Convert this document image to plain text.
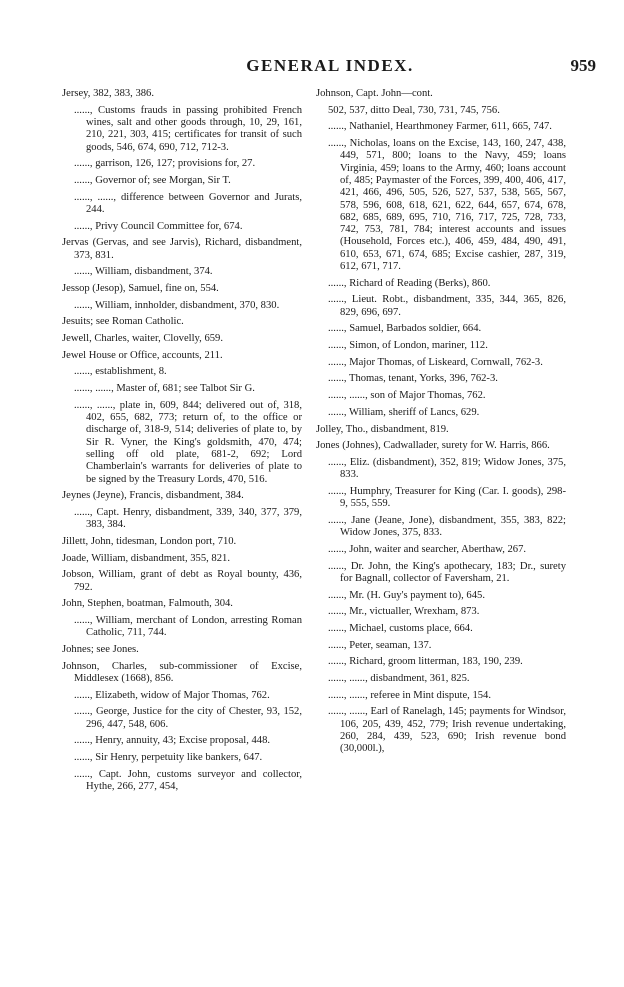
GENERAL INDEX.	959

Jersey, 382, 383, 386.

......, Customs frauds in passing prohibited French wines, salt and other goods through, 10, 29, 161, 210, 221, 303, 415; certificates for transit of such goods, 546, 674, 690, 712, 712-3.

......, garrison, 126, 127; provisions for, 27.

......, Governor of; see Morgan, Sir T.

......, ......, difference between Governor and Jurats, 244.

......, Privy Council Committee for, 674.

Jervas (Gervas, and see Jarvis), Richard, disbandment, 373, 831.

......, William, disbandment, 374.

Jessop (Jesop), Samuel, fine on, 554.

......, William, innholder, disbandment, 370, 830.

Jesuits; see Roman Catholic.

Jewell, Charles, waiter, Clovelly, 659.

Jewel House or Office, accounts, 211.

......, establishment, 8.

......, ......, Master of, 681; see Talbot Sir G.

......, ......, plate in, 609, 844; delivered out of, 318, 402, 655, 682, 773; return of, to the office or discharge of, 318-9, 514; deliveries of plate to, by Sir R. Vyner, the King's goldsmith, 470, 474; selling off old plate, 681-2, 692; Lord Chamberlain's warrants for deliveries of plate to be signed by the Treasury Lords, 470, 516.

Jeynes (Jeyne), Francis, disbandment, 384.

......, Capt. Henry, disbandment, 339, 340, 377, 379, 383, 384.

Jillett, John, tidesman, London port, 710.

Joade, William, disbandment, 355, 821.

Jobson, William, grant of debt as Royal bounty, 436, 792.

John, Stephen, boatman, Falmouth, 304.

......, William, merchant of London, arresting Roman Catholic, 711, 744.

Johnes; see Jones.

Johnson, Charles, sub-commissioner of Excise, Middlesex (1668), 856.

......, Elizabeth, widow of Major Thomas, 762.

......, George, Justice for the city of Chester, 93, 152, 296, 447, 548, 606.

......, Henry, annuity, 43; Excise proposal, 448.

......, Sir Henry, perpetuity like bankers, 647.

......, Capt. John, customs surveyor and collector, Hythe, 266, 277, 454,

Johnson, Capt. John—cont.

502, 537, ditto Deal, 730, 731, 745, 756.

......, Nathaniel, Hearthmoney Farmer, 611, 665, 747.

......, Nicholas, loans on the Excise, 143, 160, 247, 438, 449, 571, 800; loans to the Navy, 459; loans Virginia, 459; loans to the Army, 460; loans account of, 485; Paymaster of the Forces, 399, 400, 406, 417, 421, 466, 496, 505, 526, 527, 537, 538, 565, 567, 578, 596, 608, 618, 621, 622, 644, 657, 674, 678, 682, 685, 689, 695, 710, 716, 717, 725, 728, 733, 742, 753, 781, 784; interest accounts and issues (Household, Forces etc.), 406, 459, 484, 490, 491, 610, 653, 671, 674, 685; Excise cashier, 287, 319, 612, 671, 717.

......, Richard of Reading (Berks), 860.

......, Lieut. Robt., disbandment, 335, 344, 365, 826, 829, 696, 697.

......, Samuel, Barbados soldier, 664.

......, Simon, of London, mariner, 112.

......, Major Thomas, of Liskeard, Cornwall, 762-3.

......, Thomas, tenant, Yorks, 396, 762-3.

......, ......, son of Major Thomas, 762.

......, William, sheriff of Lancs, 629.

Jolley, Tho., disbandment, 819.

Jones (Johnes), Cadwallader, surety for W. Harris, 866.

......, Eliz. (disbandment), 352, 819; Widow Jones, 375, 833.

......, Humphry, Treasurer for King (Car. I. goods), 298-9, 555, 559.

......, Jane (Jeane, Jone), disbandment, 355, 383, 822; Widow Jones, 375, 833.

......, John, waiter and searcher, Aberthaw, 267.

......, Dr. John, the King's apothecary, 183; Dr., surety for Bagnall, collector of Faversham, 21.

......, Mr. (H. Guy's payment to), 645.

......, Mr., victualler, Wrexham, 873.

......, Michael, customs place, 664.

......, Peter, seaman, 137.

......, Richard, groom litterman, 183, 190, 239.

......, ......, disbandment, 361, 825.

......, ......, referee in Mint dispute, 154.

......, ......, Earl of Ranelagh, 145; payments for Windsor, 106, 205, 439, 452, 779; Irish revenue undertaking, 260, 284, 439, 523, 690; Irish revenue bond (30,000l.),
